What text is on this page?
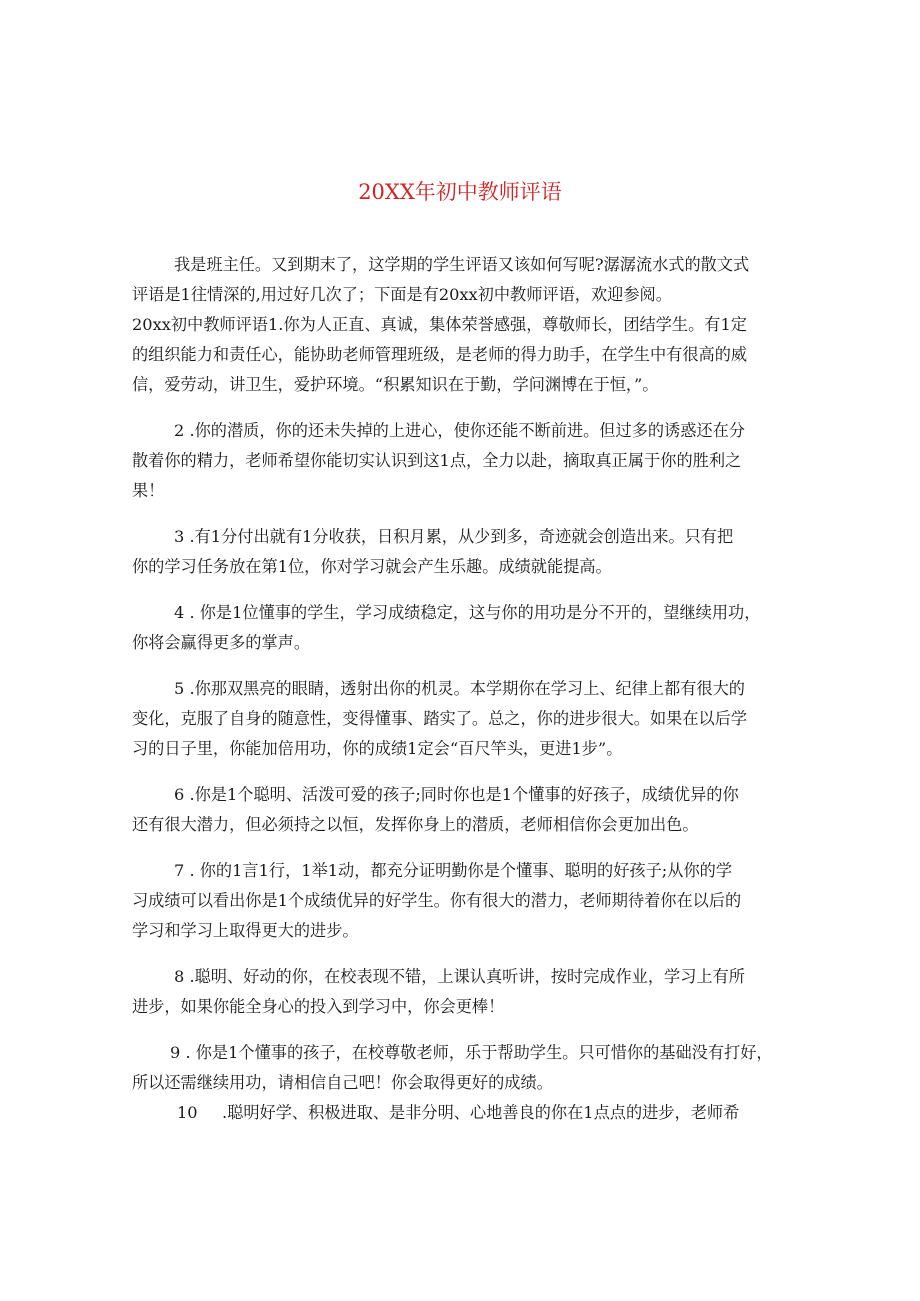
20XX年初中教师评语
我是班主任。又到期末了，这学期的学生评语又该如何写呢?潺潺流水式的散文式
评语是1往情深的,用过好几次了；下面是有20xx初中教师评语，欢迎参阅。
20xx初中教师评语1.你为人正直、真诚，集体荣誉感强，尊敬师长，团结学生。有1定
的组织能力和责任心，能协助老师管理班级，是老师的得力助手，在学生中有很高的威
信，爱劳动，讲卫生，爱护环境。“积累知识在于勤，学问渊博在于恒，”。
2 .你的潜质，你的还未失掉的上进心，使你还能不断前进。但过多的诱惑还在分
散着你的精力，老师希望你能切实认识到这1点，全力以赴，摘取真正属于你的胜利之
果！
3 .有1分付出就有1分收获，日积月累，从少到多，奇迹就会创造出来。只有把
你的学习任务放在第1位，你对学习就会产生乐趣。成绩就能提高。
4 . 你是1位懂事的学生，学习成绩稳定，这与你的用功是分不开的，望继续用功，
你将会赢得更多的掌声。
5 .你那双黑亮的眼睛，透射出你的机灵。本学期你在学习上、纪律上都有很大的
变化，克服了自身的随意性，变得懂事、踏实了。总之，你的进步很大。如果在以后学
习的日子里，你能加倍用功，你的成绩1定会“百尺竿头，更进1步”。
6 .你是1个聪明、活泼可爱的孩子;同时你也是1个懂事的好孩子，成绩优异的你
还有很大潜力，但必须持之以恒，发挥你身上的潜质，老师相信你会更加出色。
7 . 你的1言1行，1举1动，都充分证明勤你是个懂事、聪明的好孩子;从你的学
习成绩可以看出你是1个成绩优异的好学生。你有很大的潜力，老师期待着你在以后的
学习和学习上取得更大的进步。
8 .聪明、好动的你，在校表现不错，上课认真听讲，按时完成作业，学习上有所
进步，如果你能全身心的投入到学习中，你会更棒！
9 . 你是1个懂事的孩子，在校尊敬老师，乐于帮助学生。只可惜你的基础没有打好，
所以还需继续用功，请相信自己吧！你会取得更好的成绩。
10 .聪明好学、积极进取、是非分明、心地善良的你在1点点的进步，老师希
